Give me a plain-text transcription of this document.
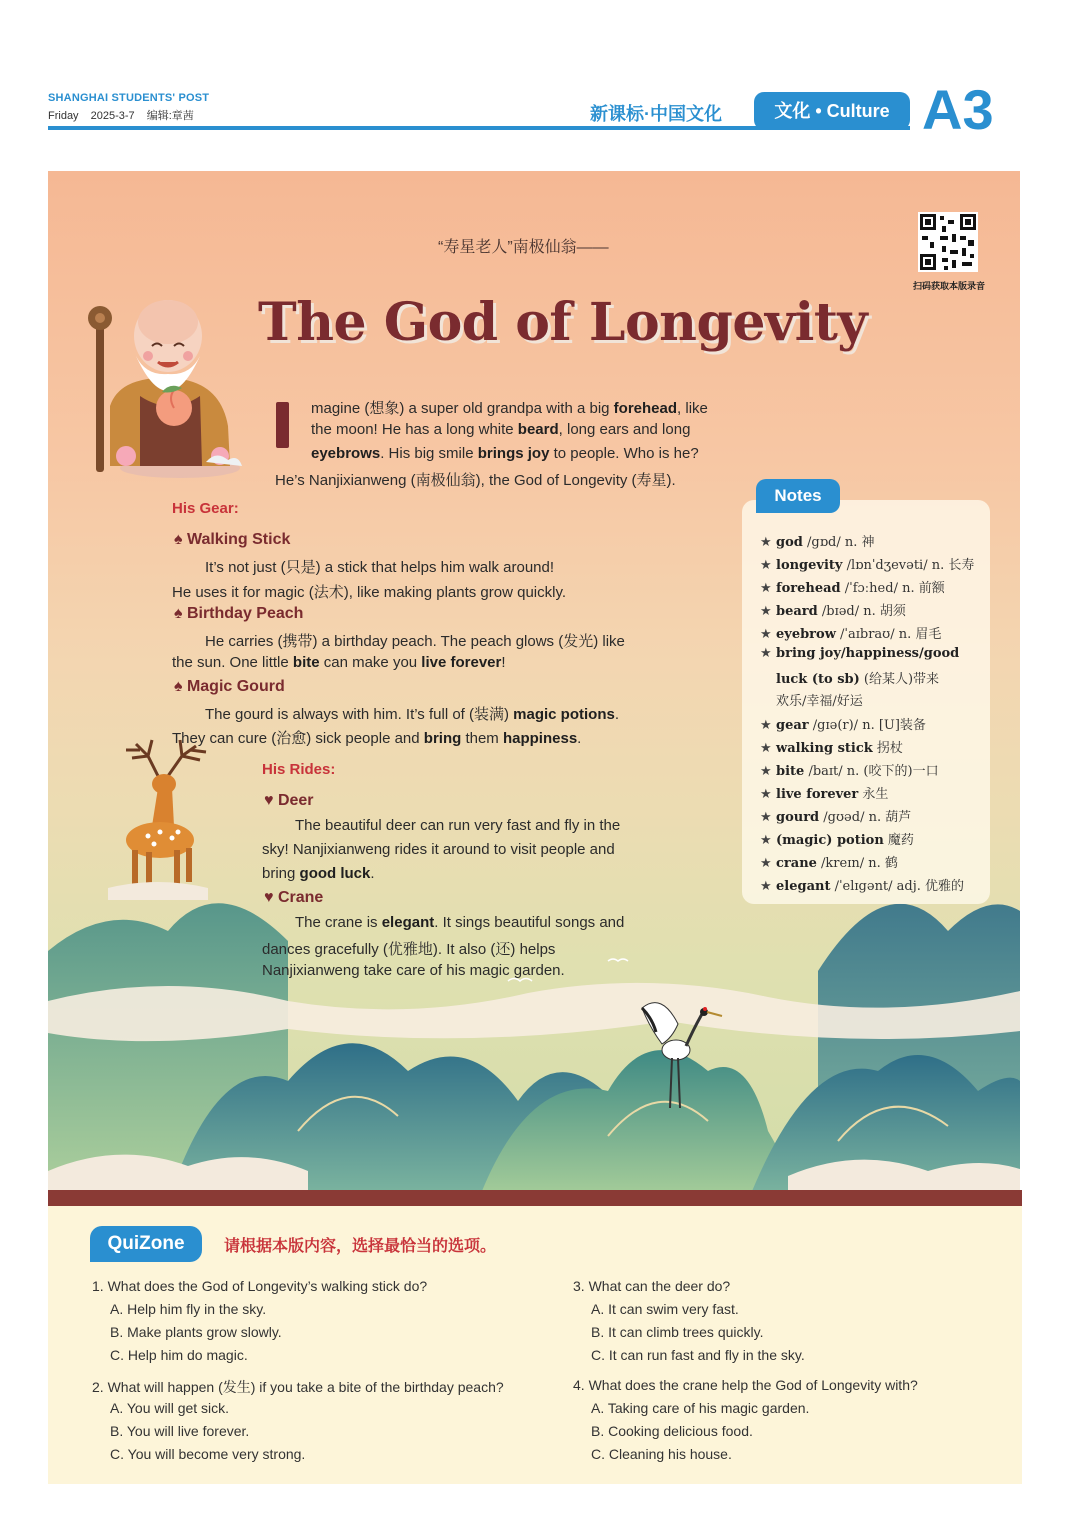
SHANGHAI STUDENTS' POST
Friday 2025-3-7 编辑:章茜	新课标·中国文化	文化 • Culture A3
“寿星老人”南极仙翁——
扫码获取本版录音
The God of Longevity
magine (想象) a super old grandpa with a big forehead, like
the moon! He has a long white beard, long ears and long
eyebrows. His big smile brings joy to people. Who is he?
He’s Nanjixianweng (南极仙翁), the God of Longevity (寿星).
His Gear:
♠ Walking Stick
It’s not just (只是) a stick that helps him walk around!
He uses it for magic (法术), like making plants grow quickly.
♠ Birthday Peach
He carries (携带) a birthday peach. The peach glows (发光) like
the sun. One little bite can make you live forever!
♠ Magic Gourd
The gourd is always with him. It’s full of (装满) magic potions.
They can cure (治愈) sick people and bring them happiness.
His Rides:
♥ Deer
The beautiful deer can run very fast and fly in the
sky! Nanjixianweng rides it around to visit people and
bring good luck.
♥ Crane
The crane is elegant. It sings beautiful songs and
dances gracefully (优雅地). It also (还) helps
Nanjixianweng take care of his magic garden.
Notes
★ god /gɒd/ n. 神
★ longevity /lɒnˈdʒevəti/ n. 长寿
★ forehead /ˈfɔːhed/ n. 前额
★ beard /bɪəd/ n. 胡须
★ eyebrow /ˈaɪbraʊ/ n. 眉毛
★ bring joy/happiness/good
luck (to sb) (给某人)带来
欢乐/幸福/好运
★ gear /gɪə(r)/ n. [U]装备
★ walking stick 拐杖
★ bite /baɪt/ n. (咬下的)一口
★ live forever 永生
★ gourd /gʊəd/ n. 葫芦
★ (magic) potion 魔药
★ crane /kreɪn/ n. 鹤
★ elegant /ˈelɪgənt/ adj. 优雅的
QuiZone	请根据本版内容，选择最恰当的选项。
1. What does the God of Longevity’s walking stick do?
A. Help him fly in the sky.
B. Make plants grow slowly.
C. Help him do magic.
2. What will happen (发生) if you take a bite of the birthday peach?
A. You will get sick.
B. You will live forever.
C. You will become very strong.
3. What can the deer do?
A. It can swim very fast.
B. It can climb trees quickly.
C. It can run fast and fly in the sky.
4. What does the crane help the God of Longevity with?
A. Taking care of his magic garden.
B. Cooking delicious food.
C. Cleaning his house.
